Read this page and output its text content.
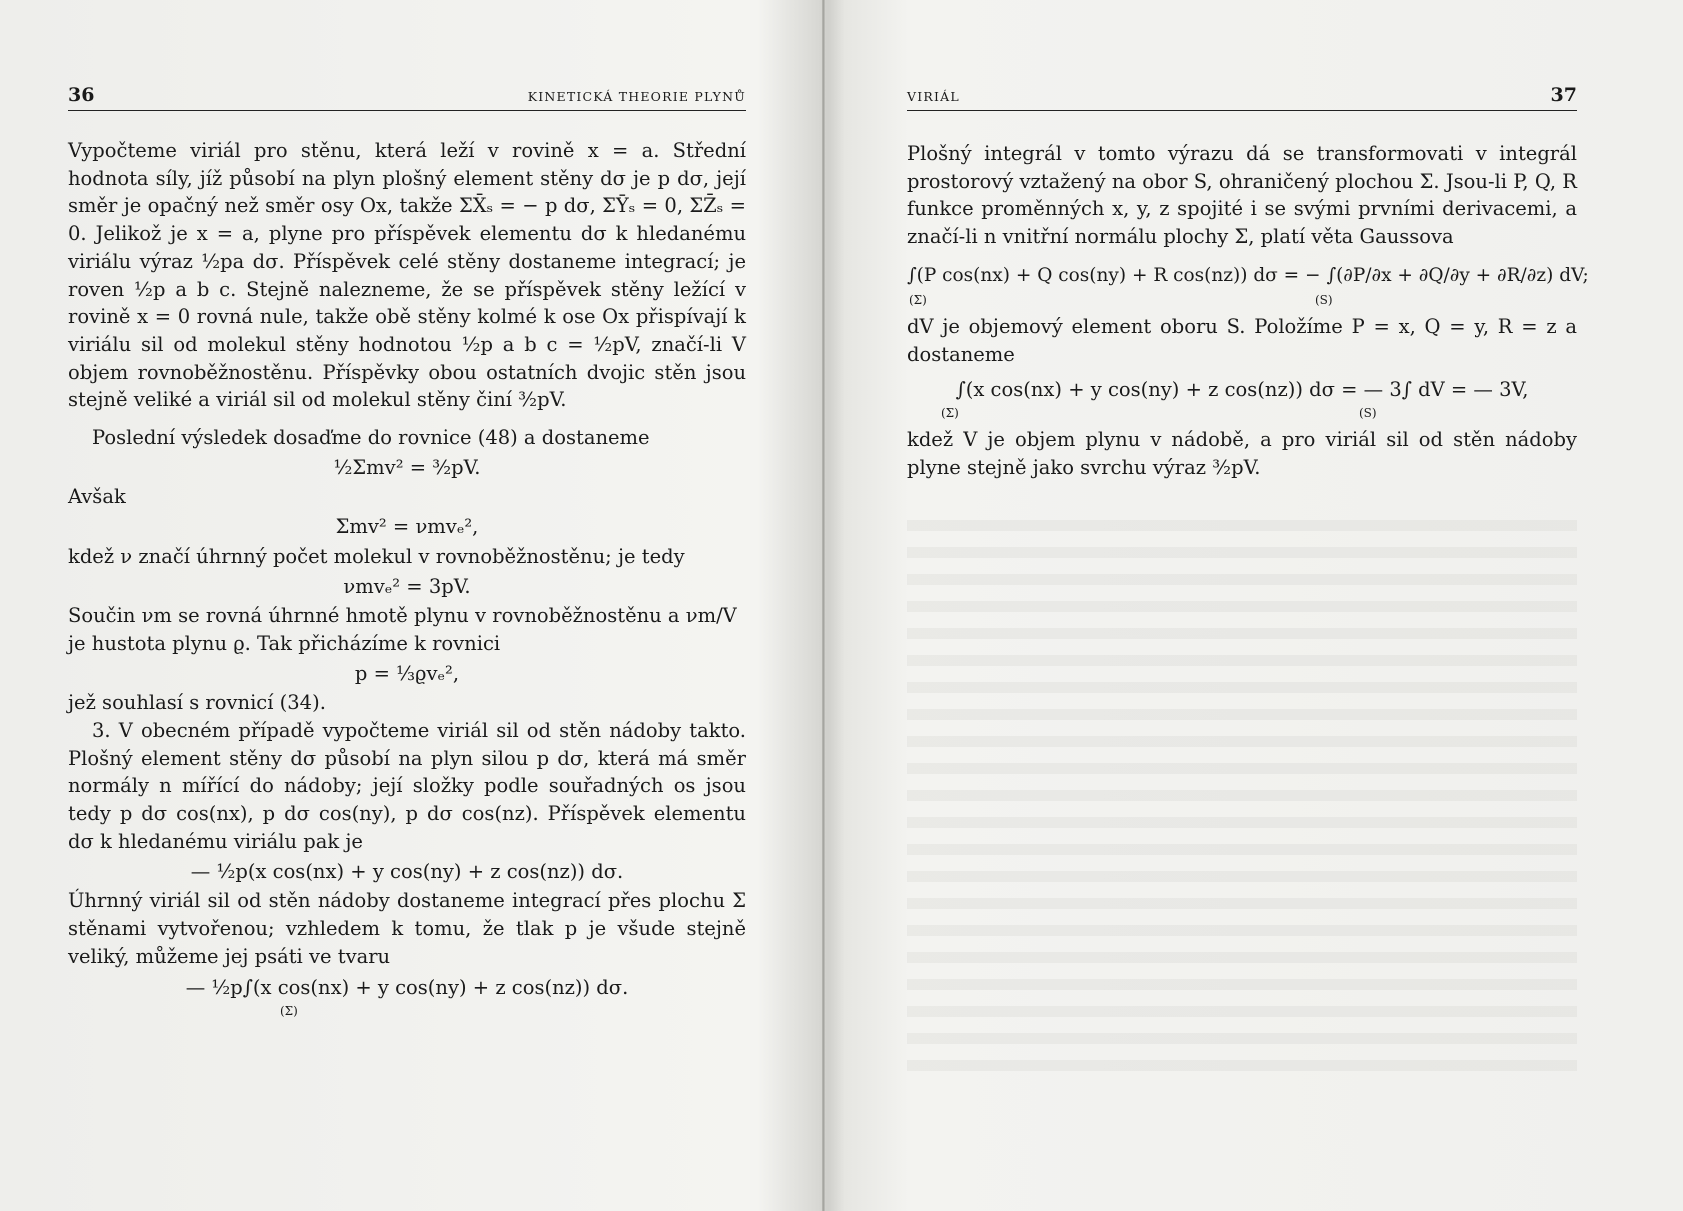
36	KINETICKÁ THEORIE PLYNŮ

Vypočteme viriál pro stěnu, která leží v rovině x = a. Střední hodnota síly, jíž působí na plyn plošný element stěny dσ je p dσ, její směr je opačný než směr osy Ox, takže ΣX̄ₛ = − p dσ, ΣȲₛ = 0, ΣZ̄ₛ = 0. Jelikož je x = a, plyne pro příspěvek elementu dσ k hledanému viriálu výraz ½pa dσ. Příspěvek celé stěny dostaneme integrací; je roven ½p a b c. Stejně nalezneme, že se příspěvek stěny ležící v rovině x = 0 rovná nule, takže obě stěny kolmé k ose Ox přispívají k viriálu sil od molekul stěny hodnotou ½p a b c = ½pV, značí-li V objem rovnoběžnostěnu. Příspěvky obou ostatních dvojic stěn jsou stejně veliké a viriál sil od molekul stěny činí ³⁄₂pV.

Poslední výsledek dosaďme do rovnice (48) a dostaneme

½Σmv² = ³⁄₂pV.

Avšak

Σmv² = νmvₑ²,

kdež ν značí úhrnný počet molekul v rovnoběžnostěnu; je tedy

νmvₑ² = 3pV.

Součin νm se rovná úhrnné hmotě plynu v rovnoběžnostěnu a νm/V

je hustota plynu ϱ. Tak přicházíme k rovnici

p = ⅓ϱvₑ²,

jež souhlasí s rovnicí (34).

3. V obecném případě vypočteme viriál sil od stěn nádoby takto. Plošný element stěny dσ působí na plyn silou p dσ, která má směr normály n mířící do nádoby; její složky podle souřadných os jsou tedy p dσ cos(nx), p dσ cos(ny), p dσ cos(nz). Příspěvek elementu dσ k hledanému viriálu pak je

— ½p(x cos(nx) + y cos(ny) + z cos(nz)) dσ.

Úhrnný viriál sil od stěn nádoby dostaneme integrací přes plochu Σ stěnami vytvořenou; vzhledem k tomu, že tlak p je všude stejně veliký, můžeme jej psáti ve tvaru

— ½p∫(x cos(nx) + y cos(ny) + z cos(nz)) dσ.
(Σ)
VIRIÁL	37

Plošný integrál v tomto výrazu dá se transformovati v integrál prostorový vztažený na obor S, ohraničený plochou Σ. Jsou-li P, Q, R funkce proměnných x, y, z spojité i se svými prvními derivacemi, a značí-li n vnitřní normálu plochy Σ, platí věta Gaussova

∫(P cos(nx) + Q cos(ny) + R cos(nz)) dσ = − ∫(∂P/∂x + ∂Q/∂y + ∂R/∂z) dV;
(Σ)	(S)

dV je objemový element oboru S. Položíme P = x, Q = y, R = z a dostaneme

∫(x cos(nx) + y cos(ny) + z cos(nz)) dσ = — 3∫ dV = — 3V,
(Σ)	(S)

kdež V je objem plynu v nádobě, a pro viriál sil od stěn nádoby plyne stejně jako svrchu výraz ³⁄₂pV.
